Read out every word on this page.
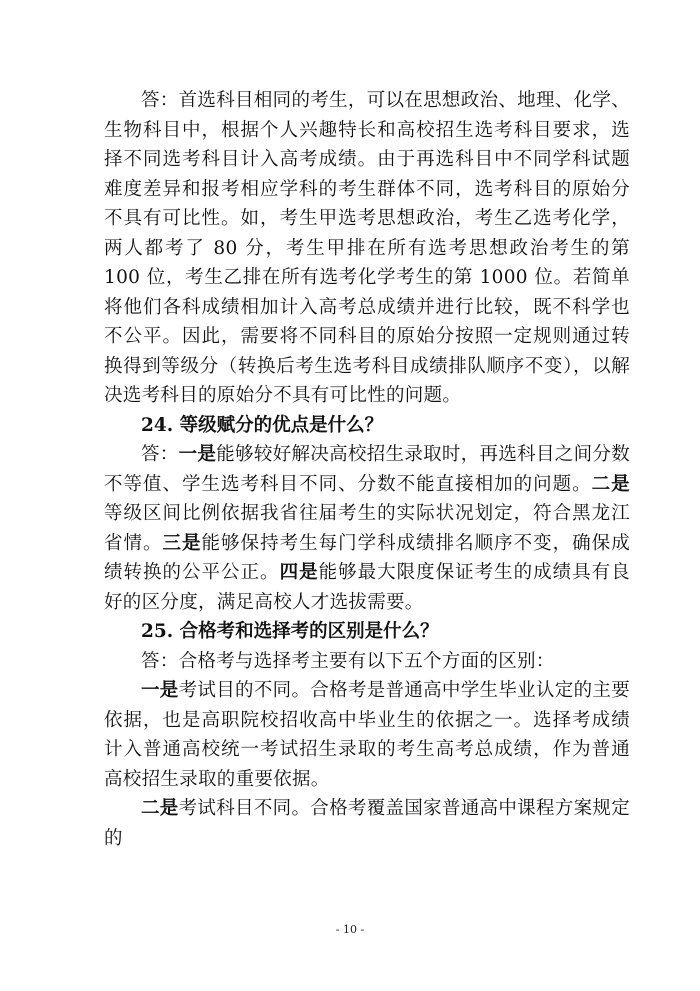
答：首选科目相同的考生，可以在思想政治、地理、化学、生物科目中，根据个人兴趣特长和高校招生选考科目要求，选择不同选考科目计入高考成绩。由于再选科目中不同学科试题难度差异和报考相应学科的考生群体不同，选考科目的原始分不具有可比性。如，考生甲选考思想政治，考生乙选考化学，两人都考了 80 分，考生甲排在所有选考思想政治考生的第 100 位，考生乙排在所有选考化学考生的第 1000 位。若简单将他们各科成绩相加计入高考总成绩并进行比较，既不科学也不公平。因此，需要将不同科目的原始分按照一定规则通过转换得到等级分（转换后考生选考科目成绩排队顺序不变），以解决选考科目的原始分不具有可比性的问题。

24. 等级赋分的优点是什么？

答：一是能够较好解决高校招生录取时，再选科目之间分数不等值、学生选考科目不同、分数不能直接相加的问题。二是等级区间比例依据我省往届考生的实际状况划定，符合黑龙江省情。三是能够保持考生每门学科成绩排名顺序不变，确保成绩转换的公平公正。四是能够最大限度保证考生的成绩具有良好的区分度，满足高校人才选拔需要。

25. 合格考和选择考的区别是什么？

答：合格考与选择考主要有以下五个方面的区别：

一是考试目的不同。合格考是普通高中学生毕业认定的主要依据，也是高职院校招收高中毕业生的依据之一。选择考成绩计入普通高校统一考试招生录取的考生高考总成绩，作为普通高校招生录取的重要依据。

二是考试科目不同。合格考覆盖国家普通高中课程方案规定的

- 10 -
